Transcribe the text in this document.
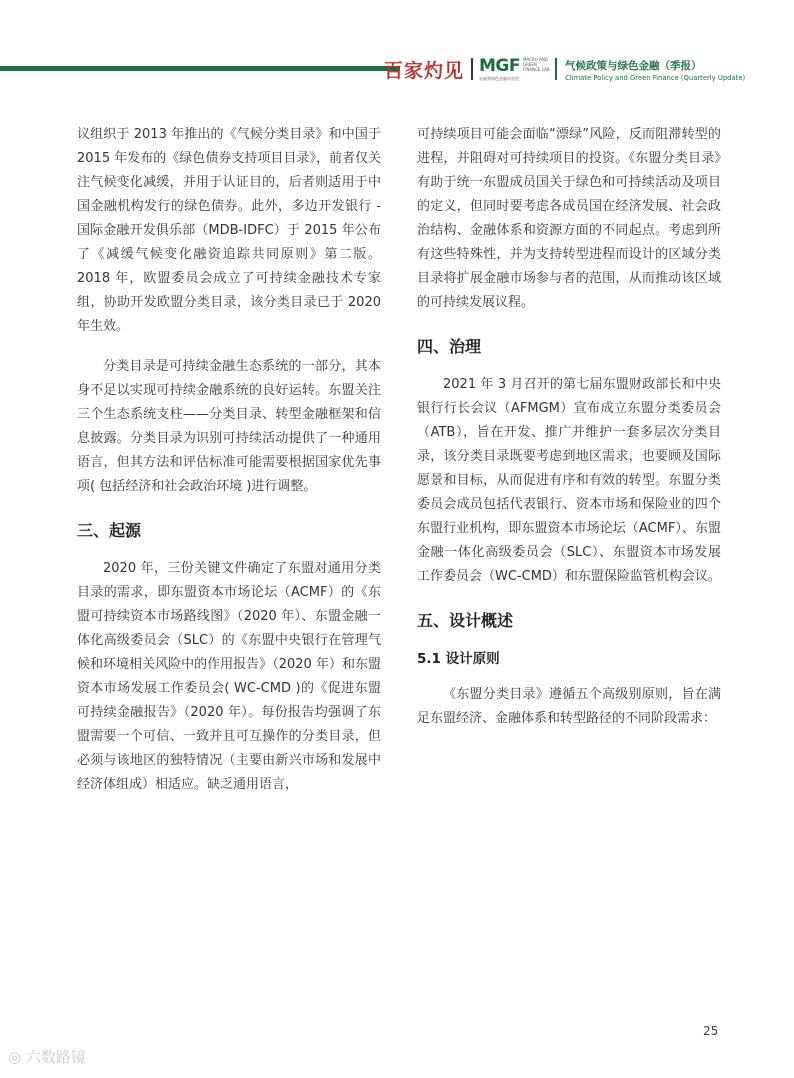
百家灼见 MGF MACRO AND GREEN FINANCE LAB
宏观和绿色金融实验室
气候政策与绿色金融（季报）
Climate Policy and Green Finance (Quarterly Update)

议组织于 2013 年推出的《气候分类目录》和中国于 2015 年发布的《绿色债券支持项目目录》，前者仅关注气候变化减缓，并用于认证目的，后者则适用于中国金融机构发行的绿色债券。此外，多边开发银行 - 国际金融开发俱乐部（MDB-IDFC）于 2015 年公布了《减缓气候变化融资追踪共同原则》第二版。2018 年，欧盟委员会成立了可持续金融技术专家组，协助开发欧盟分类目录，该分类目录已于 2020 年生效。

分类目录是可持续金融生态系统的一部分，其本身不足以实现可持续金融系统的良好运转。东盟关注三个生态系统支柱——分类目录、转型金融框架和信息披露。分类目录为识别可持续活动提供了一种通用语言，但其方法和评估标准可能需要根据国家优先事项( 包括经济和社会政治环境 )进行调整。

三、起源

2020 年，三份关键文件确定了东盟对通用分类目录的需求，即东盟资本市场论坛（ACMF）的《东盟可持续资本市场路线图》（2020 年）、东盟金融一体化高级委员会（SLC）的《东盟中央银行在管理气候和环境相关风险中的作用报告》（2020 年）和东盟资本市场发展工作委员会( WC-CMD )的《促进东盟可持续金融报告》（2020 年）。每份报告均强调了东盟需要一个可信、一致并且可互操作的分类目录，但必须与该地区的独特情况（主要由新兴市场和发展中经济体组成）相适应。缺乏通用语言，

可持续项目可能会面临“漂绿”风险，反而阻滞转型的进程，并阻碍对可持续项目的投资。《东盟分类目录》有助于统一东盟成员国关于绿色和可持续活动及项目的定义，但同时要考虑各成员国在经济发展、社会政治结构、金融体系和资源方面的不同起点。考虑到所有这些特殊性，并为支持转型进程而设计的区域分类目录将扩展金融市场参与者的范围，从而推动该区域的可持续发展议程。

四、治理

2021 年 3 月召开的第七届东盟财政部长和中央银行行长会议（AFMGM）宣布成立东盟分类委员会（ATB），旨在开发、推广并维护一套多层次分类目录，该分类目录既要考虑到地区需求，也要顾及国际愿景和目标，从而促进有序和有效的转型。东盟分类委员会成员包括代表银行、资本市场和保险业的四个东盟行业机构，即东盟资本市场论坛（ACMF）、东盟金融一体化高级委员会（SLC）、东盟资本市场发展工作委员会（WC-CMD）和东盟保险监管机构会议。

五、设计概述
5.1 设计原则

《东盟分类目录》遵循五个高级别原则，旨在满足东盟经济、金融体系和转型路径的不同阶段需求：

25
◎ 六数路镜
